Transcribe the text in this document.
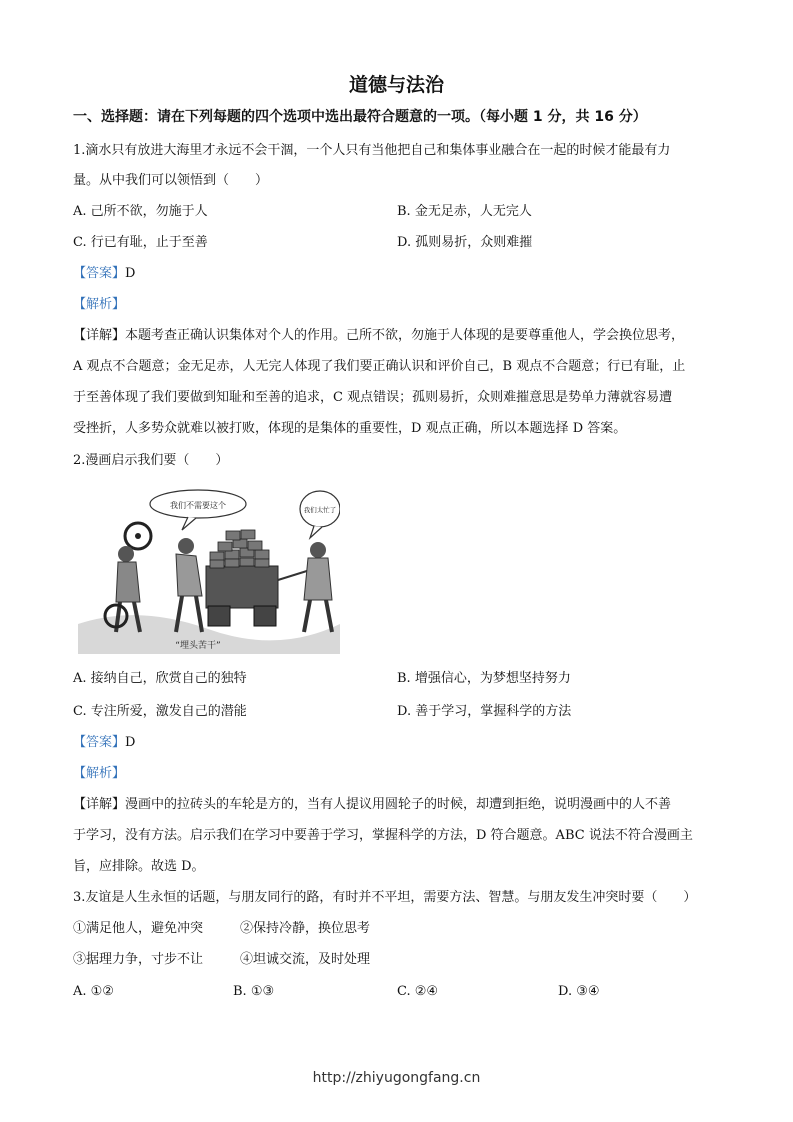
道德与法治
一、选择题：请在下列每题的四个选项中选出最符合题意的一项。（每小题 1 分，共 16 分）
1.滴水只有放进大海里才永远不会干涸，一个人只有当他把自己和集体事业融合在一起的时候才能最有力
量。从中我们可以领悟到（　　）
A. 己所不欲，勿施于人	B. 金无足赤，人无完人
C. 行已有耻，止于至善	D. 孤则易折，众则难摧
【答案】D
【解析】
【详解】本题考查正确认识集体对个人的作用。己所不欲，勿施于人体现的是要尊重他人，学会换位思考，
A 观点不合题意；金无足赤，人无完人体现了我们要正确认识和评价自己，B 观点不合题意；行已有耻，止
于至善体现了我们要做到知耻和至善的追求，C 观点错误；孤则易折，众则难摧意思是势单力薄就容易遭
受挫折，人多势众就难以被打败，体现的是集体的重要性，D 观点正确，所以本题选择 D 答案。
2.漫画启示我们要（　　）
我们不需要这个	我们太忙了
“埋头苦干”
A. 接纳自己，欣赏自己的独特	B. 增强信心，为梦想坚持努力
C. 专注所爱，激发自己的潜能	D. 善于学习，掌握科学的方法
【答案】D
【解析】
【详解】漫画中的拉砖头的车轮是方的，当有人提议用圆轮子的时候，却遭到拒绝，说明漫画中的人不善
于学习，没有方法。启示我们在学习中要善于学习，掌握科学的方法，D 符合题意。ABC 说法不符合漫画主
旨，应排除。故选 D。
3.友谊是人生永恒的话题，与朋友同行的路，有时并不平坦，需要方法、智慧。与朋友发生冲突时要（　　）
①满足他人，避免冲突	②保持冷静，换位思考
③据理力争，寸步不让	④坦诚交流，及时处理
A. ①②	B. ①③	C. ②④	D. ③④
http://zhiyugongfang.cn
